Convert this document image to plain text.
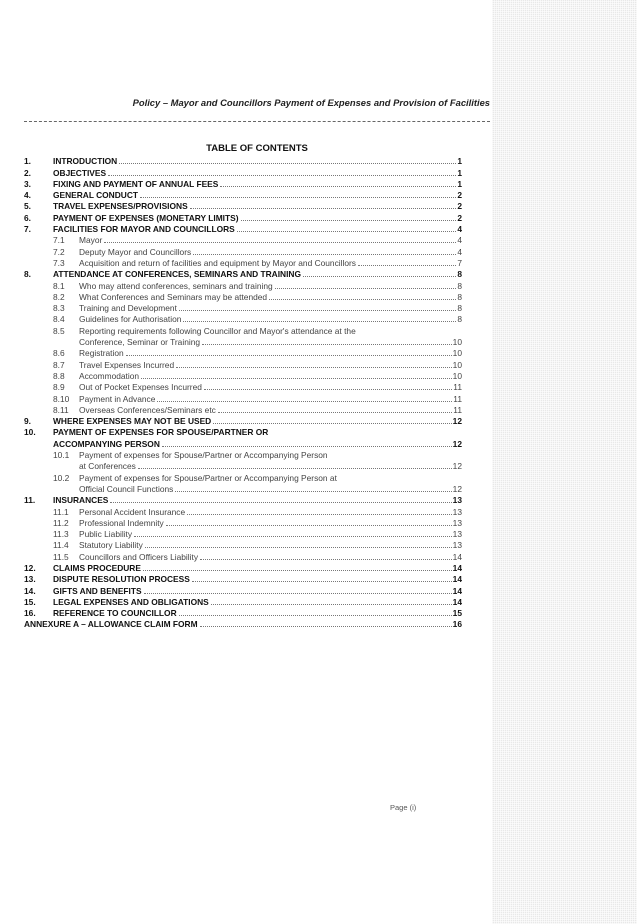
Policy – Mayor and Councillors Payment of Expenses and Provision of Facilities
TABLE OF CONTENTS
1.	INTRODUCTION	1
2.	OBJECTIVES	1
3.	FIXING AND PAYMENT OF ANNUAL FEES	1
4.	GENERAL CONDUCT	2
5.	TRAVEL EXPENSES/PROVISIONS	2
6.	PAYMENT OF EXPENSES (MONETARY LIMITS)	2
7.	FACILITIES FOR MAYOR AND COUNCILLORS	4
7.1 Mayor	4
7.2 Deputy Mayor and Councillors	4
7.3 Acquisition and return of facilities and equipment by Mayor and Councillors	7
8.	ATTENDANCE AT CONFERENCES, SEMINARS AND TRAINING	8
8.1 Who may attend conferences, seminars and training	8
8.2 What Conferences and Seminars may be attended	8
8.3 Training and Development	8
8.4 Guidelines for Authorisation	8
8.5 Reporting requirements following Councillor and Mayor's attendance at the
Conference, Seminar or Training	10
8.6 Registration	10
8.7 Travel Expenses Incurred	10
8.8 Accommodation	10
8.9 Out of Pocket Expenses Incurred	11
8.10 Payment in Advance	11
8.11 Overseas Conferences/Seminars etc	11
9.	WHERE EXPENSES MAY NOT BE USED	12
10. PAYMENT OF EXPENSES FOR SPOUSE/PARTNER OR
ACCOMPANYING PERSON	12
10.1 Payment of expenses for Spouse/Partner or Accompanying Person
at Conferences	12
10.2 Payment of expenses for Spouse/Partner or Accompanying Person at
Official Council Functions	12
11. INSURANCES	13
11.1 Personal Accident Insurance	13
11.2 Professional Indemnity	13
11.3 Public Liability	13
11.4 Statutory Liability	13
11.5 Councillors and Officers Liability	14
12. CLAIMS PROCEDURE	14
13. DISPUTE RESOLUTION PROCESS	14
14. GIFTS AND BENEFITS	14
15. LEGAL EXPENSES AND OBLIGATIONS	14
16. REFERENCE TO COUNCILLOR	15
ANNEXURE A – ALLOWANCE CLAIM FORM	16
Page (i)
